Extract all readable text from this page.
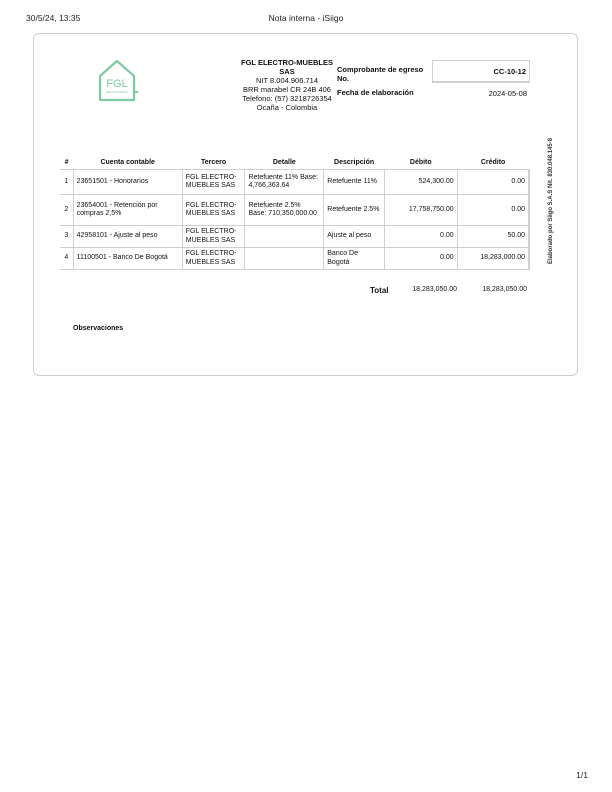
30/5/24, 13:35	Nota interna - iSiigo
FGL
Electro Muebles
FGL ELECTRO-MUEBLES
SAS
NIT 8.004.906.714
BRR marabel CR 24B 406
Telefono: (57) 3218726354
Ocaña - Colombia
Comprobante de egreso No.
CC-10-12
Fecha de elaboración	2024-05-08
Elaborado por Siigo S.A.S Nit. 830.048.145-8
#	Cuenta contable	Tercero	Detalle	Descripción	Débito	Crédito
1	23651501 - Honorarios	FGL ELECTRO-MUEBLES SAS	Retefuente 11% Base: 4,766,363.64	Retefuente 11%	524,300.00	0.00
2	23654001 - Retención por compras 2,5%	FGL ELECTRO-MUEBLES SAS	Retefuente 2.5% Base: 710,350,000.00	Retefuente 2.5%	17,758,750.00	0.00
3	42958101 - Ajuste al peso	FGL ELECTRO-MUEBLES SAS		Ajuste al peso	0.00	50.00
4	11100501 - Banco De Bogotá	FGL ELECTRO-MUEBLES SAS		Banco De Bogotá	0.00	18,283,000.00
Total	18,283,050.00	18,283,050.00
Observaciones
1/1
